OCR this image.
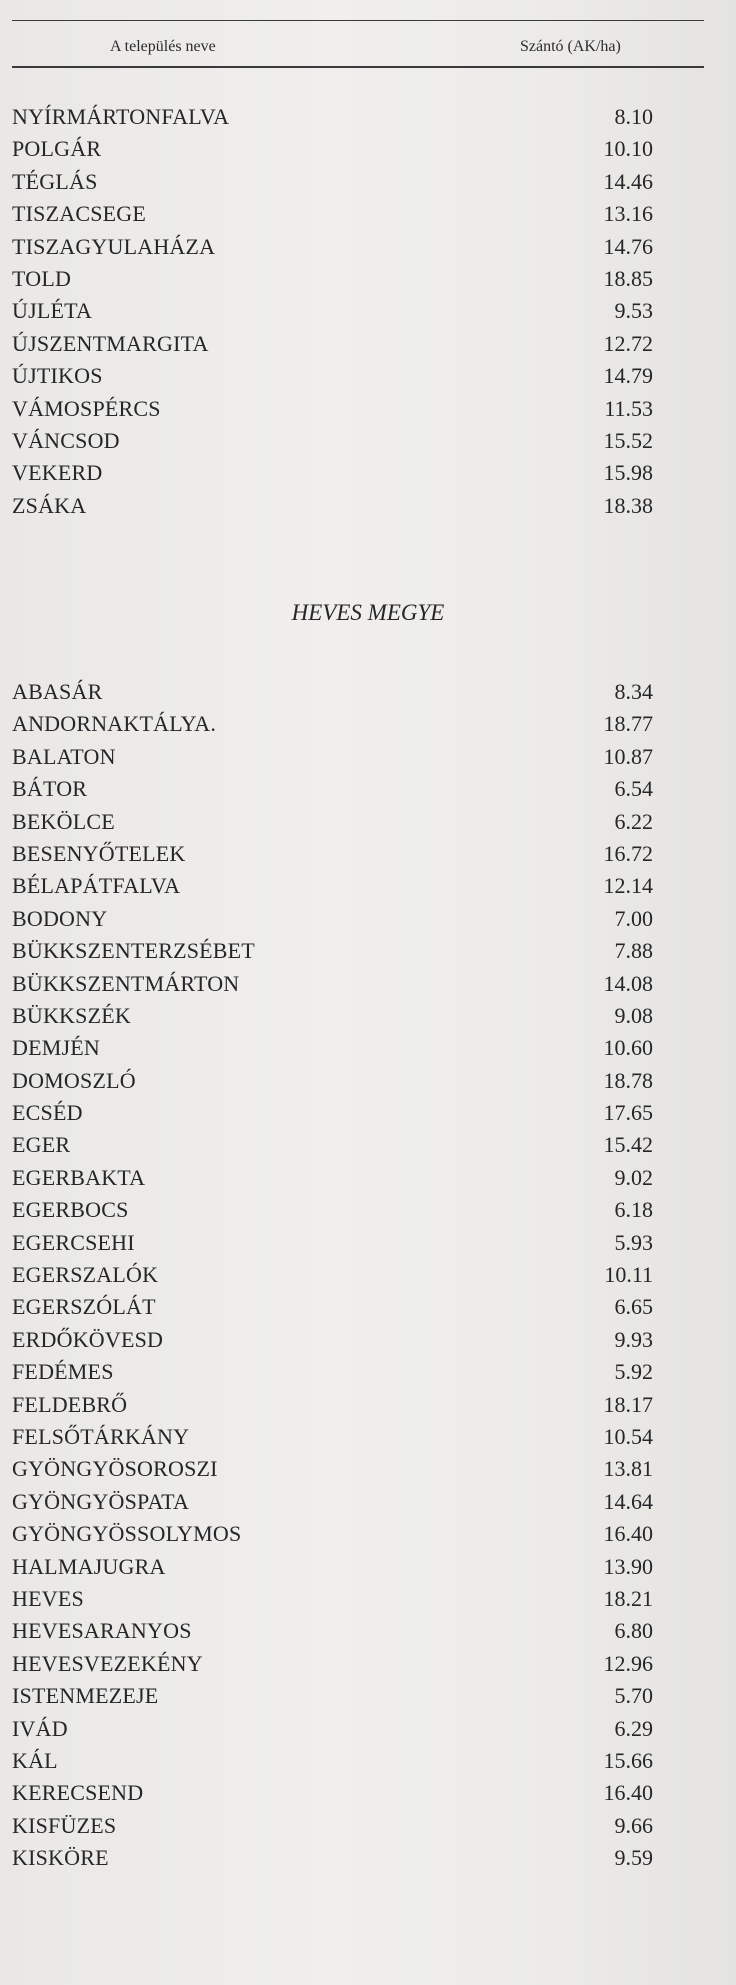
A település neve	Szántó (AK/ha)
NYÍRMÁRTONFALVA	8.10
POLGÁR	10.10
TÉGLÁS	14.46
TISZACSEGE	13.16
TISZAGYULAHÁZA	14.76
TOLD	18.85
ÚJLÉTA	9.53
ÚJSZENTMARGITA	12.72
ÚJTIKOS	14.79
VÁMOSPÉRCS	11.53
VÁNCSOD	15.52
VEKERD	15.98
ZSÁKA	18.38
HEVES MEGYE
ABASÁR	8.34
ANDORNAKTÁLYA.	18.77
BALATON	10.87
BÁTOR	6.54
BEKÖLCE	6.22
BESENYŐTELEK	16.72
BÉLAPÁTFALVA	12.14
BODONY	7.00
BÜKKSZENTERZSÉBET	7.88
BÜKKSZENTMÁRTON	14.08
BÜKKSZÉK	9.08
DEMJÉN	10.60
DOMOSZLÓ	18.78
ECSÉD	17.65
EGER	15.42
EGERBAKTA	9.02
EGERBOCS	6.18
EGERCSEHI	5.93
EGERSZALÓK	10.11
EGERSZÓLÁT	6.65
ERDŐKÖVESD	9.93
FEDÉMES	5.92
FELDEBRŐ	18.17
FELSŐTÁRKÁNY	10.54
GYÖNGYÖSOROSZI	13.81
GYÖNGYÖSPATA	14.64
GYÖNGYÖSSOLYMOS	16.40
HALMAJUGRA	13.90
HEVES	18.21
HEVESARANYOS	6.80
HEVESVEZEKÉNY	12.96
ISTENMEZEJE	5.70
IVÁD	6.29
KÁL	15.66
KERECSEND	16.40
KISFÜZES	9.66
KISKÖRE	9.59
